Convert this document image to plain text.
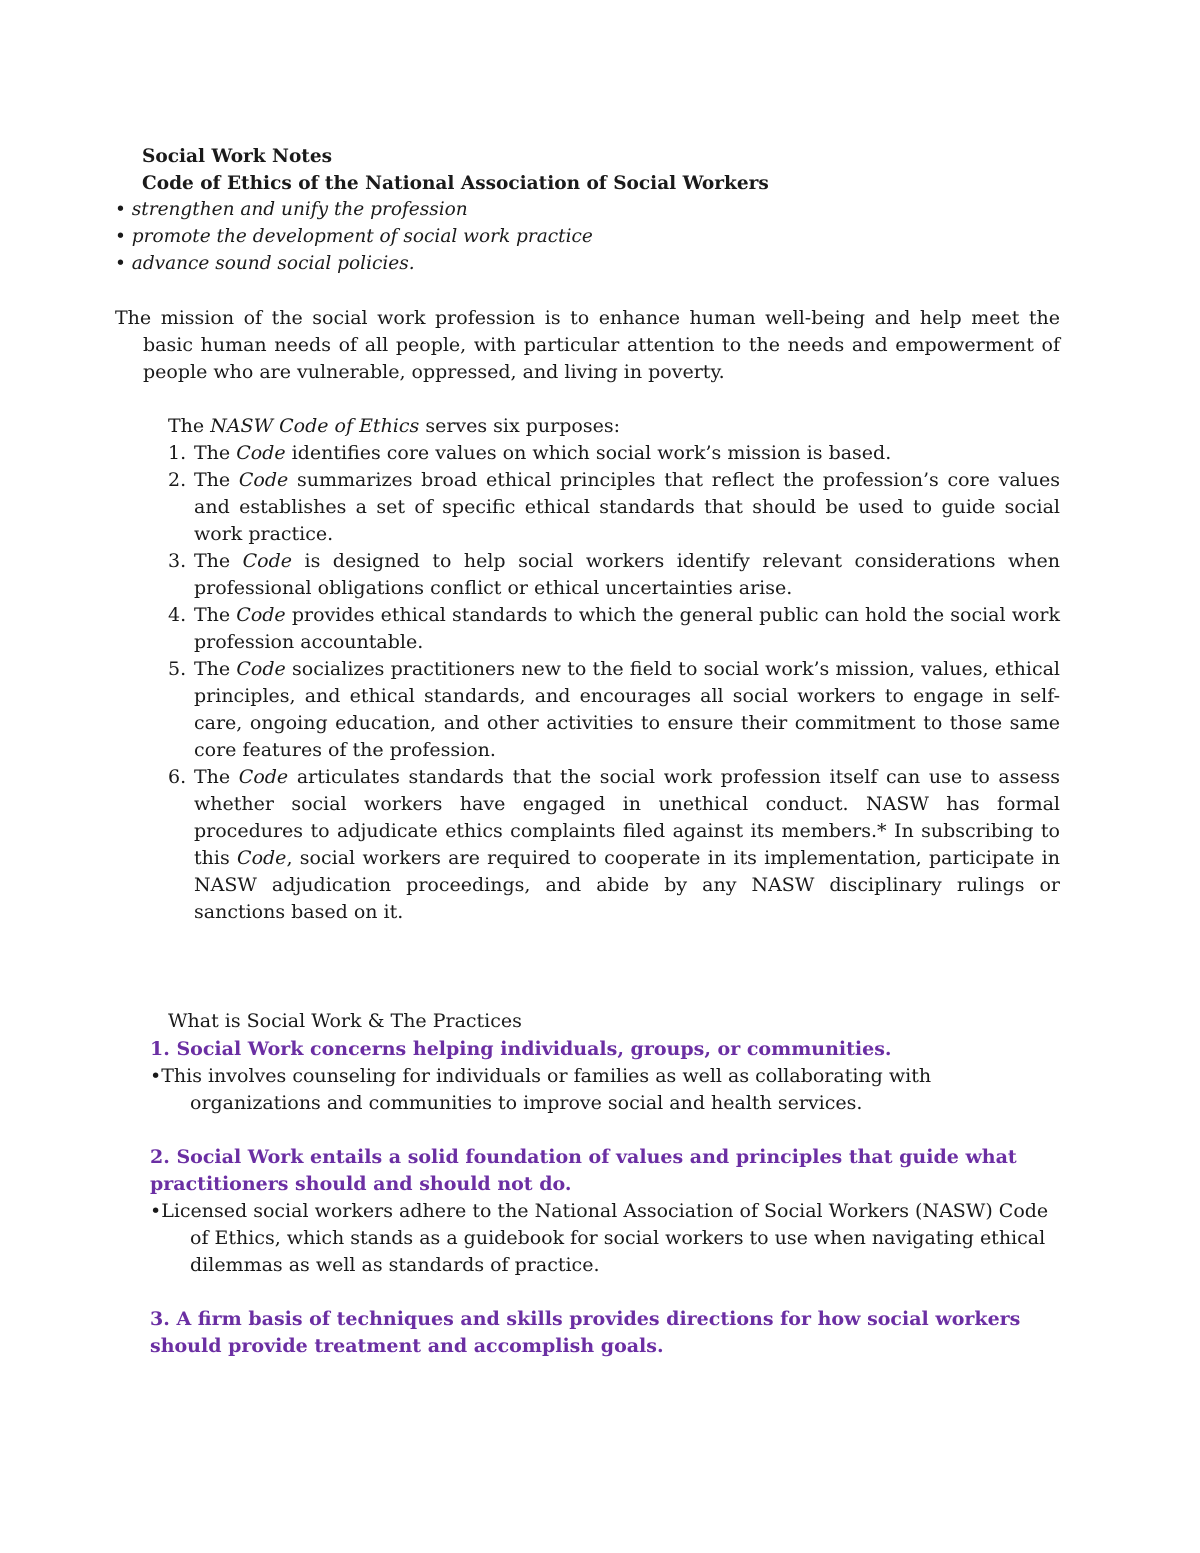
Social Work Notes
Code of Ethics of the National Association of Social Workers
• strengthen and unify the profession
• promote the development of social work practice
• advance sound social policies.
The mission of the social work profession is to enhance human well-being and help meet the basic human needs of all people, with particular attention to the needs and empowerment of people who are vulnerable, oppressed, and living in poverty.
The NASW Code of Ethics serves six purposes:
1. The Code identifies core values on which social work’s mission is based.
2. The Code summarizes broad ethical principles that reflect the profession’s core values and establishes a set of specific ethical standards that should be used to guide social work practice.
3. The Code is designed to help social workers identify relevant considerations when professional obligations conflict or ethical uncertainties arise.
4. The Code provides ethical standards to which the general public can hold the social work profession accountable.
5. The Code socializes practitioners new to the field to social work’s mission, values, ethical principles, and ethical standards, and encourages all social workers to engage in self-care, ongoing education, and other activities to ensure their commitment to those same core features of the profession.
6. The Code articulates standards that the social work profession itself can use to assess whether social workers have engaged in unethical conduct. NASW has formal procedures to adjudicate ethics complaints filed against its members.* In subscribing to this Code, social workers are required to cooperate in its implementation, participate in NASW adjudication proceedings, and abide by any NASW disciplinary rulings or sanctions based on it.
What is Social Work & The Practices
1. Social Work concerns helping individuals, groups, or communities.
•This involves counseling for individuals or families as well as collaborating with organizations and communities to improve social and health services.
2. Social Work entails a solid foundation of values and principles that guide what practitioners should and should not do.
•Licensed social workers adhere to the National Association of Social Workers (NASW) Code of Ethics, which stands as a guidebook for social workers to use when navigating ethical dilemmas as well as standards of practice.
3. A firm basis of techniques and skills provides directions for how social workers should provide treatment and accomplish goals.
